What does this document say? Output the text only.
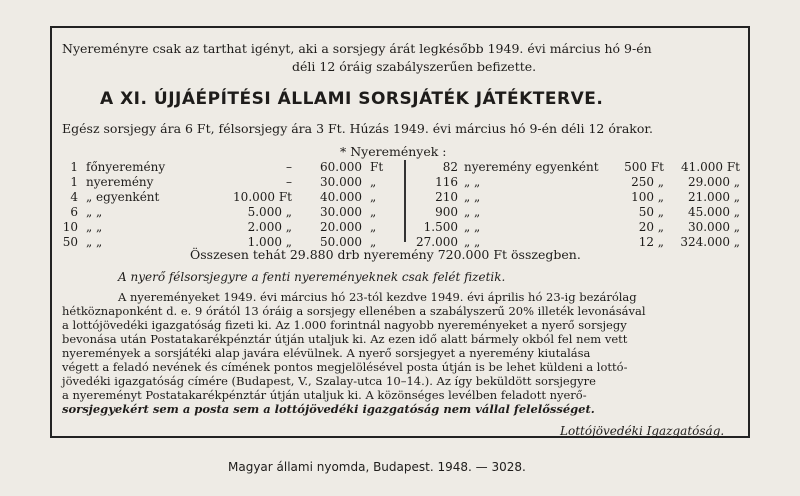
Nyereményre csak az tarthat igényt, aki a sorsjegy árát legkésőbb 1949. évi március hó 9-én
déli 12 óráig szabályszerűen befizette.
A XI. ÚJJÁÉPÍTÉSI ÁLLAMI SORSJÁTÉK JÁTÉKTERVE.
Egész sorsjegy ára 6 Ft, félsorsjegy ára 3 Ft. Húzás 1949. évi március hó 9-én déli 12 órakor.
* Nyeremények :
Összesen tehát 29.880 drb nyeremény 720.000 Ft összegben.
A nyerő félsorsjegyre a fenti nyereményeknek csak felét fizetik.
A nyereményeket 1949. évi március hó 23-tól kezdve 1949. évi április hó 23-ig bezárólag
hétköznaponként d. e. 9 órától 13 óráig a sorsjegy ellenében a szabályszerű 20% illeték levonásával
a lottójövedéki igazgatóság fizeti ki. Az 1.000 forintnál nagyobb nyereményeket a nyerő sorsjegy
bevonása után Postatakarékpénztár útján utaljuk ki. Az ezen idő alatt bármely okból fel nem vett
nyeremények a sorsjátéki alap javára elévülnek. A nyerő sorsjegyet a nyeremény kiutalása
végett a feladó nevének és címének pontos megjelölésével posta útján is be lehet küldeni a lottó-
jövedéki igazgatóság címére (Budapest, V., Szalay-utca 10–14.). Az így beküldött sorsjegyre
a nyereményt Postatakarékpénztár útján utaljuk ki. A közönséges levélben feladott nyerő-
sorsjegyekért sem a posta sem a lottójövedéki igazgatóság nem vállal felelősséget.
Lottójövedéki Igazgatóság.
Magyar állami nyomda, Budapest. 1948. — 3028.
1 főnyeremény	–	60.000 Ft
1 nyeremény	–	30.000 „
4 „ egyenként	10.000 Ft	40.000 „
6 „ „	5.000 „	30.000 „
10 „ „	2.000 „	20.000 „
50 „ „	1.000 „	50.000 „
82 nyeremény egyenként	500 Ft	41.000 Ft
116 „ „	250 „	29.000 „
210 „ „	100 „	21.000 „
900 „ „	50 „	45.000 „
1.500 „ „	20 „	30.000 „
27.000 „ „	12 „	324.000 „
